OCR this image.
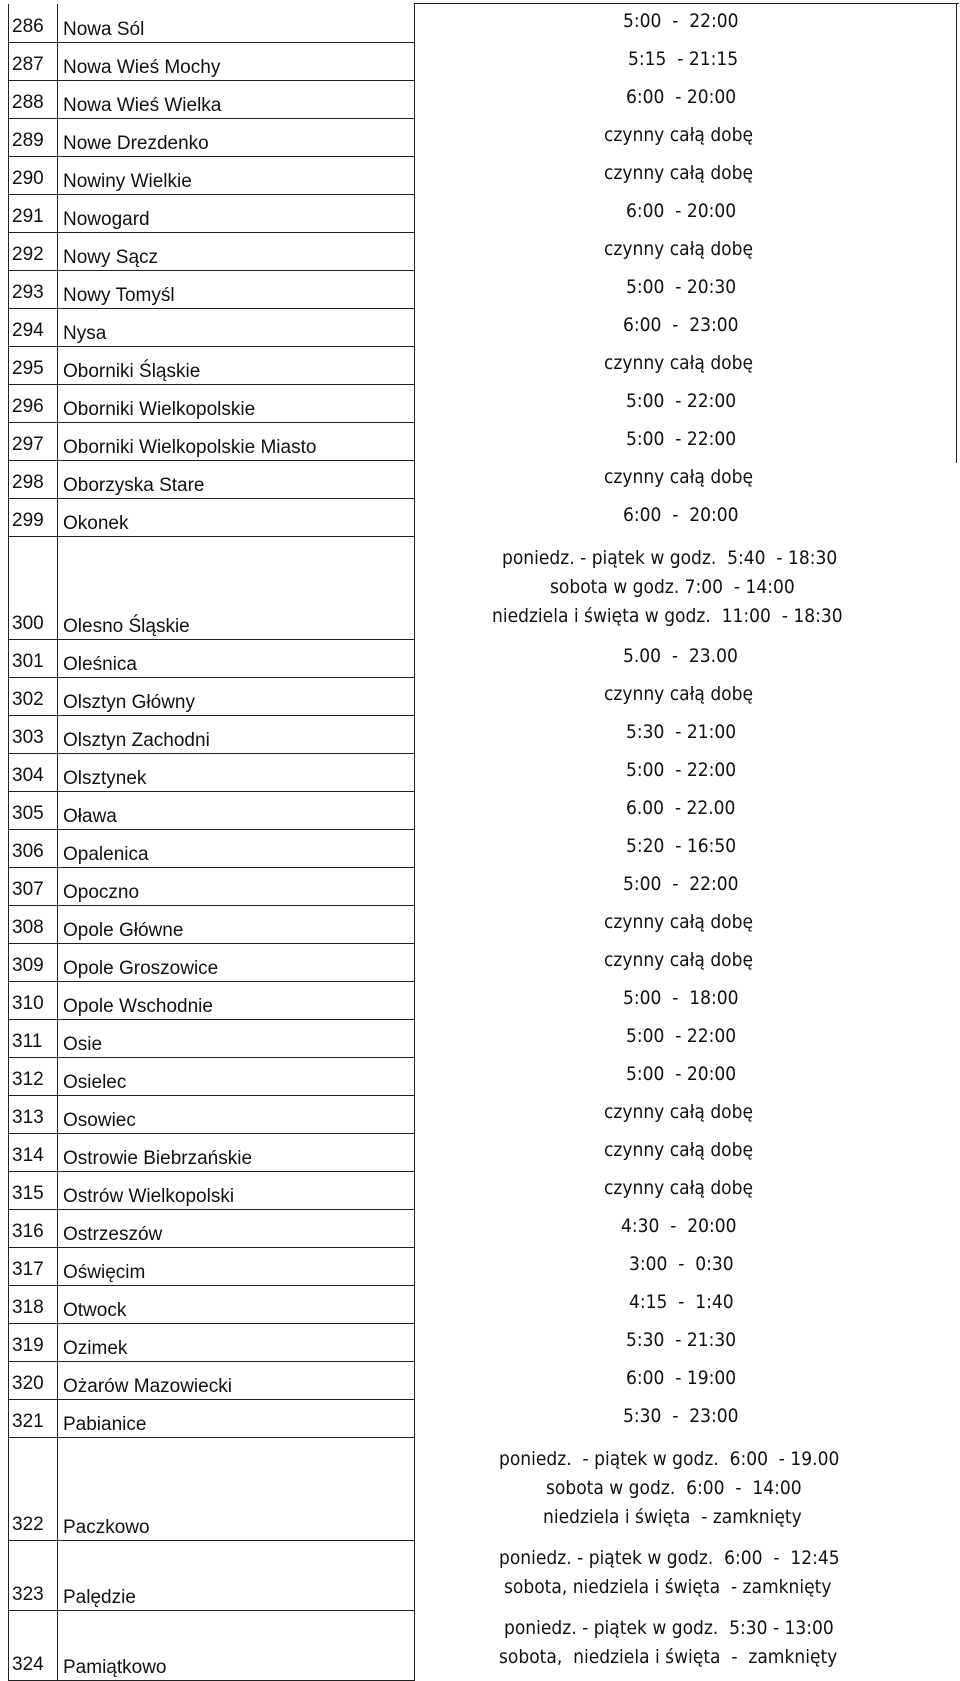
286	Nowa Sól	5:00  -  22:00

287	Nowa Wieś Mochy	5:15  - 21:15

288	Nowa Wieś Wielka	6:00  - 20:00

289	Nowe Drezdenko	czynny całą dobę

290	Nowiny Wielkie	czynny całą dobę

291	Nowogard	6:00  - 20:00

292	Nowy Sącz	czynny całą dobę

293	Nowy Tomyśl	5:00  - 20:30

294	Nysa	6:00  -  23:00

295	Oborniki Śląskie	czynny całą dobę

296	Oborniki Wielkopolskie	5:00  - 22:00

297	Oborniki Wielkopolskie Miasto	5:00  - 22:00

298	Oborzyska Stare	czynny całą dobę

299	Okonek	6:00  -  20:00

300	Olesno Śląskie	poniedz. - piątek w godz.  5:40  - 18:30
sobota w godz. 7:00  - 14:00
niedziela i święta w godz.  11:00  - 18:30

301	Oleśnica	5.00  -  23.00

302	Olsztyn Główny	czynny całą dobę

303	Olsztyn Zachodni	5:30  - 21:00

304	Olsztynek	5:00  - 22:00

305	Oława	6.00  - 22.00

306	Opalenica	5:20  - 16:50

307	Opoczno	5:00  -  22:00

308	Opole Główne	czynny całą dobę

309	Opole Groszowice	czynny całą dobę

310	Opole Wschodnie	5:00  -  18:00

311	Osie	5:00  - 22:00

312	Osielec	5:00  - 20:00

313	Osowiec	czynny całą dobę

314	Ostrowie Biebrzańskie	czynny całą dobę

315	Ostrów Wielkopolski	czynny całą dobę

316	Ostrzeszów	4:30  -  20:00

317	Oświęcim	3:00  -  0:30

318	Otwock	4:15  -  1:40

319	Ozimek	5:30  - 21:30

320	Ożarów Mazowiecki	6:00  - 19:00

321	Pabianice	5:30  -  23:00

322	Paczkowo	poniedz.  - piątek w godz.  6:00  - 19.00
sobota w godz.  6:00  -  14:00
niedziela i święta  - zamknięty

323	Palędzie	poniedz. - piątek w godz.  6:00  -  12:45
sobota, niedziela i święta  - zamknięty

324	Pamiątkowo	poniedz. - piątek w godz.  5:30 - 13:00
sobota,  niedziela i święta  -  zamknięty
